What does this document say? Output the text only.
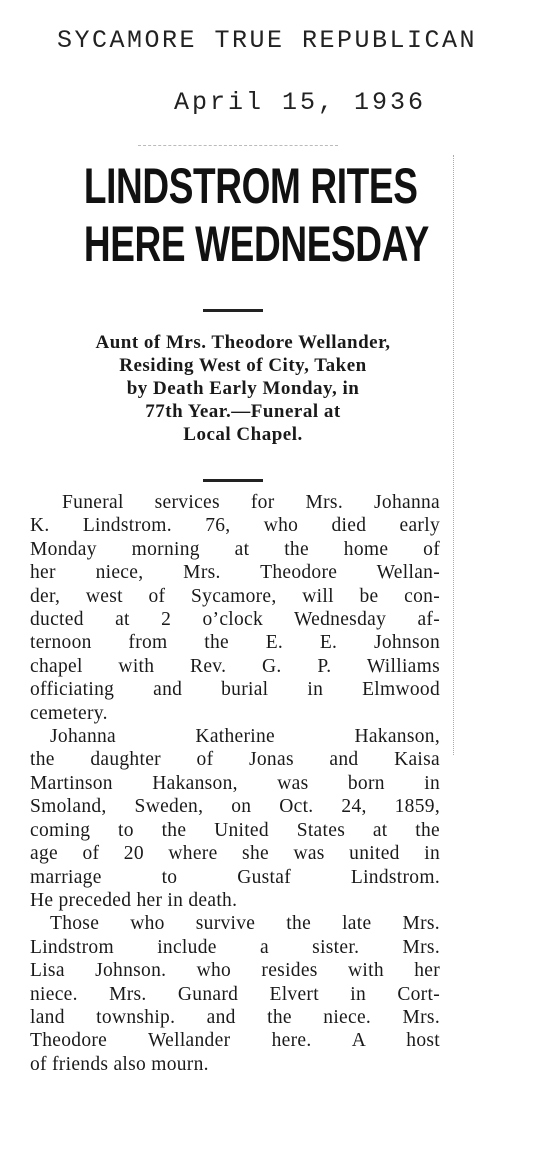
SYCAMORE TRUE REPUBLICAN
April 15, 1936
LINDSTROM RITES
HERE WEDNESDAY
Aunt of Mrs. Theodore Wellander,
Residing West of City, Taken
by Death Early Monday, in
77th Year.—Funeral at
Local Chapel.
Funeral services for Mrs. Johanna
K. Lindstrom. 76, who died early
Monday morning at the home of
her niece, Mrs. Theodore Wellan-
der, west of Sycamore, will be con-
ducted at 2 o’clock Wednesday af-
ternoon from the E. E. Johnson
chapel with Rev. G. P. Williams
officiating and burial in Elmwood
cemetery.
Johanna Katherine Hakanson,
the daughter of Jonas and Kaisa
Martinson Hakanson, was born in
Smoland, Sweden, on Oct. 24, 1859,
coming to the United States at the
age of 20 where she was united in
marriage to Gustaf Lindstrom.
He preceded her in death.
Those who survive the late Mrs.
Lindstrom include a sister. Mrs.
Lisa Johnson. who resides with her
niece. Mrs. Gunard Elvert in Cort-
land township. and the niece. Mrs.
Theodore Wellander here. A host
of friends also mourn.
